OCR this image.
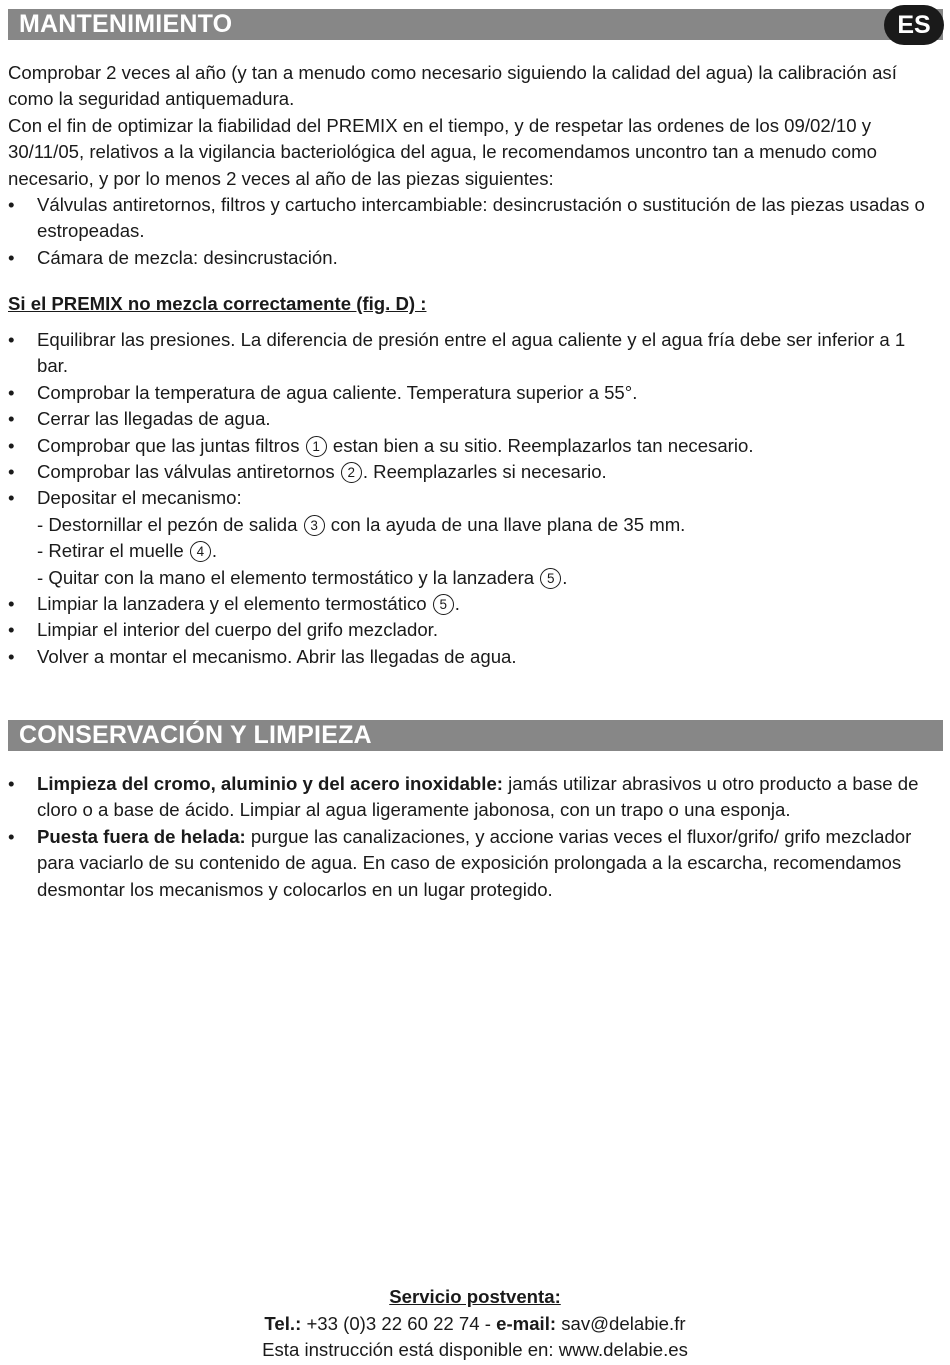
MANTENIMIENTO	ES

Comprobar 2 veces al año (y tan a menudo como necesario siguiendo la calidad del agua) la calibración así como la seguridad antiquemadura.

Con el fin de optimizar la fiabilidad del PREMIX en el tiempo, y de respetar las ordenes de los 09/02/10 y 30/11/05, relativos a la vigilancia bacteriológica del agua, le recomendamos uncontro tan a menudo como necesario, y por lo menos 2 veces al año de las piezas siguientes:

• Válvulas antiretornos, filtros y cartucho intercambiable: desincrustación o sustitución de las piezas usadas o estropeadas.
• Cámara de mezcla: desincrustación.
Si el PREMIX no mezcla correctamente (fig. D) :
• Equilibrar las presiones. La diferencia de presión entre el agua caliente y el agua fría debe ser inferior a 1 bar.
• Comprobar la temperatura de agua caliente. Temperatura superior a 55°.
• Cerrar las llegadas de agua.
• Comprobar que las juntas filtros 1 estan bien a su sitio. Reemplazarlos tan necesario.
• Comprobar las válvulas antiretornos 2 . Reemplazarles si necesario.
• Depositar el mecanismo:
- Destornillar el pezón de salida 3 con la ayuda de una llave plana de 35 mm.
- Retirar el muelle 4 .
- Quitar con la mano el elemento termostático y la lanzadera 5 .
• Limpiar la lanzadera y el elemento termostático 5 .
• Limpiar el interior del cuerpo del grifo mezclador.
• Volver a montar el mecanismo. Abrir las llegadas de agua.
CONSERVACIÓN Y LIMPIEZA
• Limpieza del cromo, aluminio y del acero inoxidable: jamás utilizar abrasivos u otro producto a base de cloro o a base de ácido. Limpiar al agua ligeramente jabonosa, con un trapo o una esponja.
• Puesta fuera de helada: purgue las canalizaciones, y accione varias veces el fluxor/grifo/ grifo mezclador para vaciarlo de su contenido de agua. En caso de exposición prolongada a la escarcha, recomendamos desmontar los mecanismos y colocarlos en un lugar protegido.
Servicio postventa:
Tel.: +33 (0)3 22 60 22 74 - e-mail: sav@delabie.fr
Esta instrucción está disponible en: www.delabie.es
